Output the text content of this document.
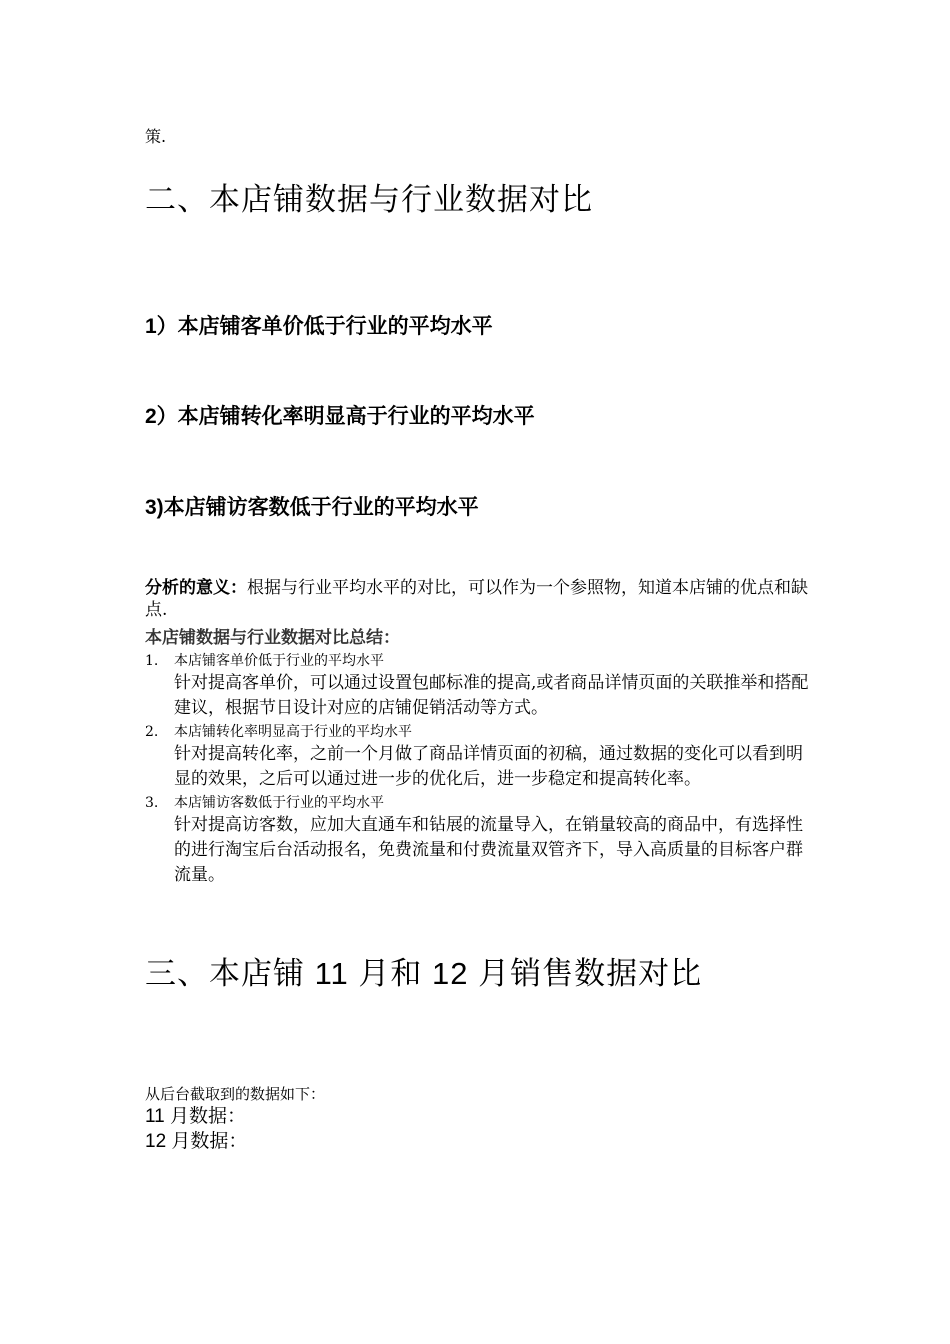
策.
二、本店铺数据与行业数据对比
1）本店铺客单价低于行业的平均水平
2）本店铺转化率明显高于行业的平均水平
3)本店铺访客数低于行业的平均水平
分析的意义：根据与行业平均水平的对比，可以作为一个参照物，知道本店铺的优点和缺点.
本店铺数据与行业数据对比总结：
1. 本店铺客单价低于行业的平均水平
针对提高客单价，可以通过设置包邮标准的提高,或者商品详情页面的关联推举和搭配建议，根据节日设计对应的店铺促销活动等方式。
2. 本店铺转化率明显高于行业的平均水平
针对提高转化率，之前一个月做了商品详情页面的初稿，通过数据的变化可以看到明显的效果，之后可以通过进一步的优化后，进一步稳定和提高转化率。
3. 本店铺访客数低于行业的平均水平
针对提高访客数，应加大直通车和钻展的流量导入，在销量较高的商品中，有选择性的进行淘宝后台活动报名，免费流量和付费流量双管齐下，导入高质量的目标客户群流量。
三、本店铺 11 月和 12 月销售数据对比
从后台截取到的数据如下：
11 月数据：
12 月数据：
